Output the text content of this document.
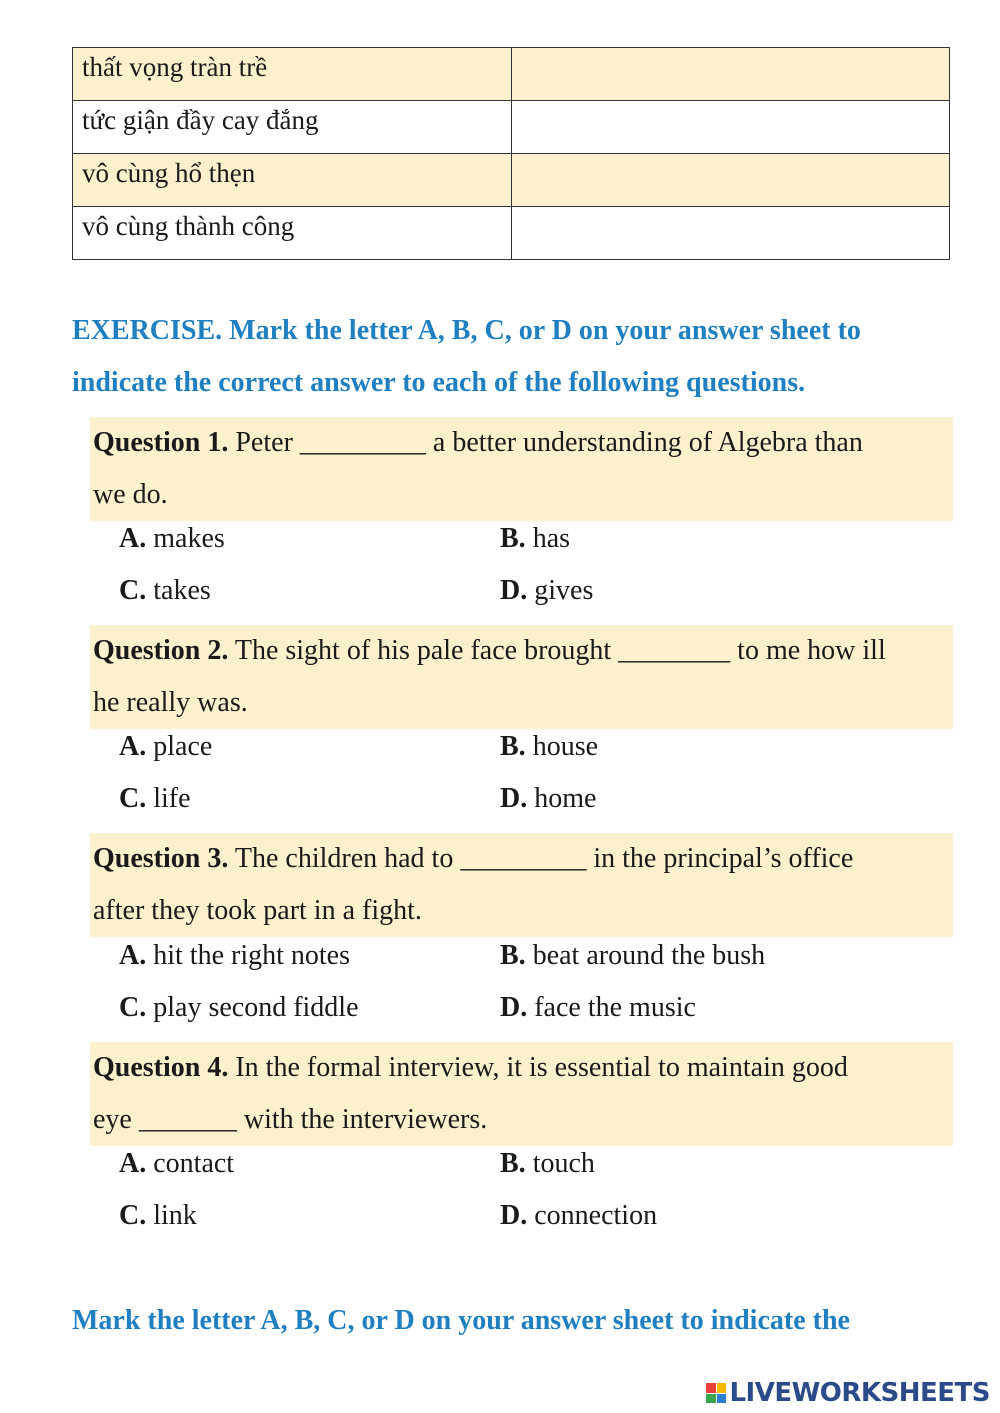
thất vọng tràn trề	
tức giận đầy cay đắng	
vô cùng hổ thẹn	
vô cùng thành công	
EXERCISE. Mark the letter A, B, C, or D on your answer sheet to
indicate the correct answer to each of the following questions.
Question 1. Peter _________ a better understanding of Algebra than
we do.
A. makes	B. has
C. takes	D. gives
Question 2. The sight of his pale face brought ________ to me how ill
he really was.
A. place	B. house
C. life	D. home
Question 3. The children had to _________ in the principal’s office
after they took part in a fight.
A. hit the right notes	B. beat around the bush
C. play second fiddle	D. face the music
Question 4. In the formal interview, it is essential to maintain good
eye _______ with the interviewers.
A. contact	B. touch
C. link	D. connection
Mark the letter A, B, C, or D on your answer sheet to indicate the
LIVEWORKSHEETS
